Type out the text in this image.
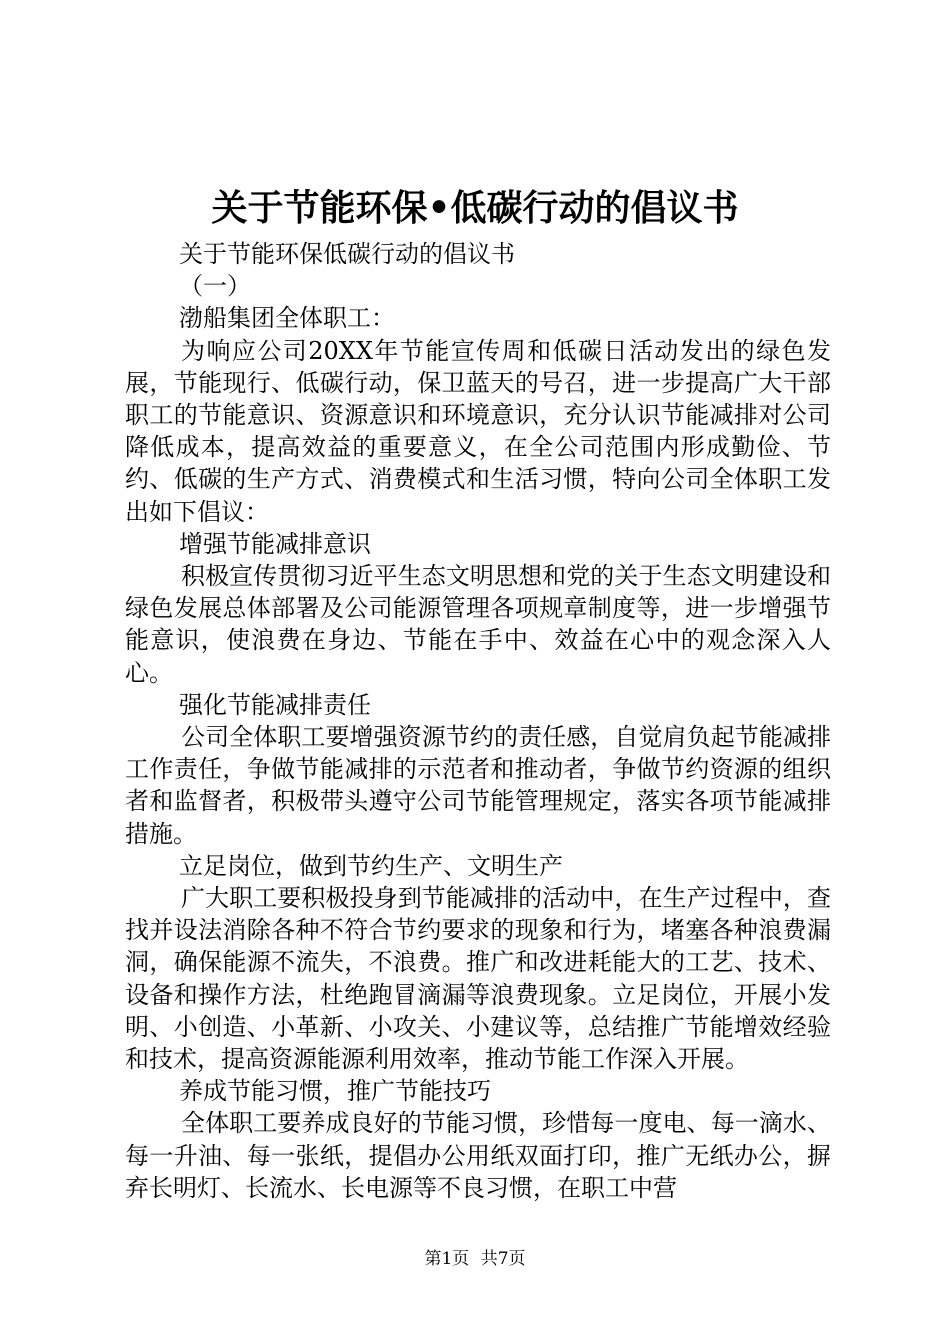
关于节能环保•低碳行动的倡议书

关于节能环保低碳行动的倡议书

（一）

渤船集团全体职工：

为响应公司20XX年节能宣传周和低碳日活动发出的绿色发展，节能现行、低碳行动，保卫蓝天的号召，进一步提高广大干部职工的节能意识、资源意识和环境意识，充分认识节能减排对公司降低成本，提高效益的重要意义，在全公司范围内形成勤俭、节约、低碳的生产方式、消费模式和生活习惯，特向公司全体职工发出如下倡议：

增强节能减排意识

积极宣传贯彻习近平生态文明思想和党的关于生态文明建设和绿色发展总体部署及公司能源管理各项规章制度等，进一步增强节能意识，使浪费在身边、节能在手中、效益在心中的观念深入人心。

强化节能减排责任

公司全体职工要增强资源节约的责任感，自觉肩负起节能减排工作责任，争做节能减排的示范者和推动者，争做节约资源的组织者和监督者，积极带头遵守公司节能管理规定，落实各项节能减排措施。

立足岗位，做到节约生产、文明生产

广大职工要积极投身到节能减排的活动中，在生产过程中，查找并设法消除各种不符合节约要求的现象和行为，堵塞各种浪费漏洞，确保能源不流失，不浪费。推广和改进耗能大的工艺、技术、设备和操作方法，杜绝跑冒滴漏等浪费现象。立足岗位，开展小发明、小创造、小革新、小攻关、小建议等，总结推广节能增效经验和技术，提高资源能源利用效率，推动节能工作深入开展。

养成节能习惯，推广节能技巧

全体职工要养成良好的节能习惯，珍惜每一度电、每一滴水、每一升油、每一张纸，提倡办公用纸双面打印，推广无纸办公，摒弃长明灯、长流水、长电源等不良习惯，在职工中营

第1页 共7页
